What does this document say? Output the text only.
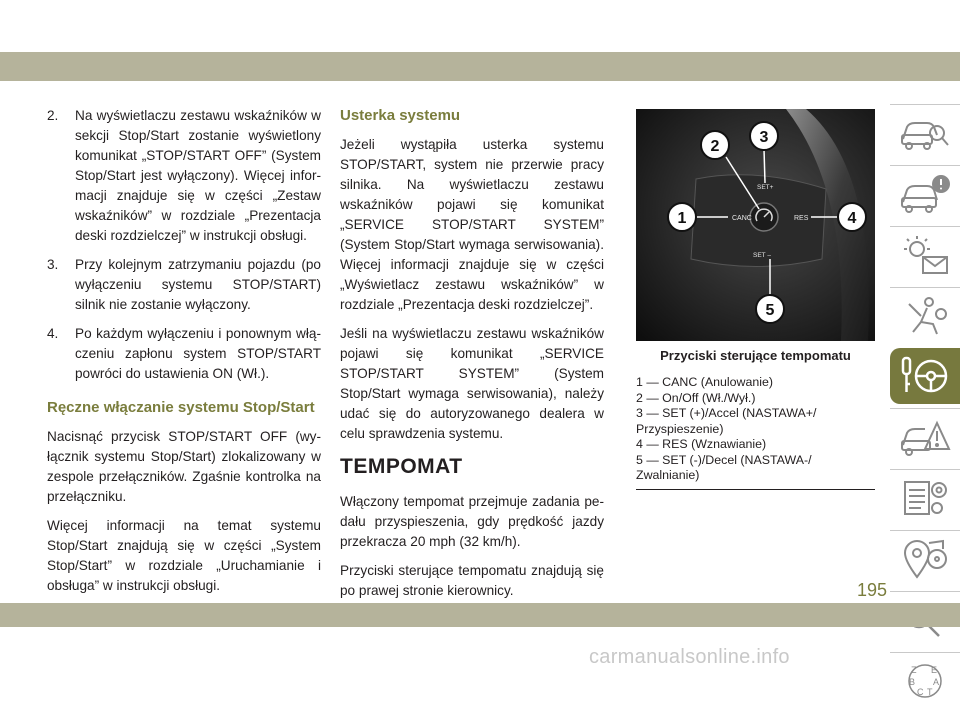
2. Na wyświetlaczu zestawu wskaźników w sekcji Stop/Start zostanie wyświetlony komunikat „STOP/START OFF” (System Stop/Start jest wyłączony). Więcej informacji znajduje się w części „Zestaw wskaźników” w rozdziale „Prezentacja deski rozdzielczej” w instrukcji obsługi.
3. Przy kolejnym zatrzymaniu pojazdu (po wyłączeniu systemu STOP/START) silnik nie zostanie wyłączony.
4. Po każdym wyłączeniu i ponownym włączeniu zapłonu system STOP/START powróci do ustawienia ON (Wł.).
Ręczne włączanie systemu Stop/Start

Nacisnąć przycisk STOP/START OFF (wyłącznik systemu Stop/Start) zlokalizowany w zespole przełączników. Zgaśnie kontrolka na przełączniku.

Więcej informacji na temat systemu Stop/Start znajdują się w części „System Stop/Start” w rozdziale „Uruchamianie i obsługa” w instrukcji obsługi.

Usterka systemu

Jeżeli wystąpiła usterka systemu STOP/START, system nie przerwie pracy silnika. Na wyświetlaczu zestawu wskaźników pojawi się komunikat „SERVICE STOP/START SYSTEM” (System Stop/Start wymaga serwisowania). Więcej informacji znajduje się w części „Wyświetlacz zestawu wskaźników” w rozdziale „Prezentacja deski rozdzielczej”.

Jeśli na wyświetlaczu zestawu wskaźników pojawi się komunikat „SERVICE STOP/START SYSTEM” (System Stop/Start wymaga serwisowania), należy udać się do autoryzowanego dealera w celu sprawdzenia systemu.

TEMPOMAT

Włączony tempomat przejmuje zadania pedału przyspieszenia, gdy prędkość jazdy przekracza 20 mph (32 km/h).

Przyciski sterujące tempomatu znajdują się po prawej stronie kierownicy.

CANC	RES
SET+
SET –
1
2
3
4
5
Przyciski sterujące tempomatu
1 — CANC (Anulowanie)
2 — On/Off (Wł./Wył.)
3 — SET (+)/Accel (NASTAWA+/ Przyspieszenie)
4 — RES (Wznawianie)
5 — SET (-)/Decel (NASTAWA-/ Zwalnianie)
Z E
B A
C T
195
carmanualsonline.info
